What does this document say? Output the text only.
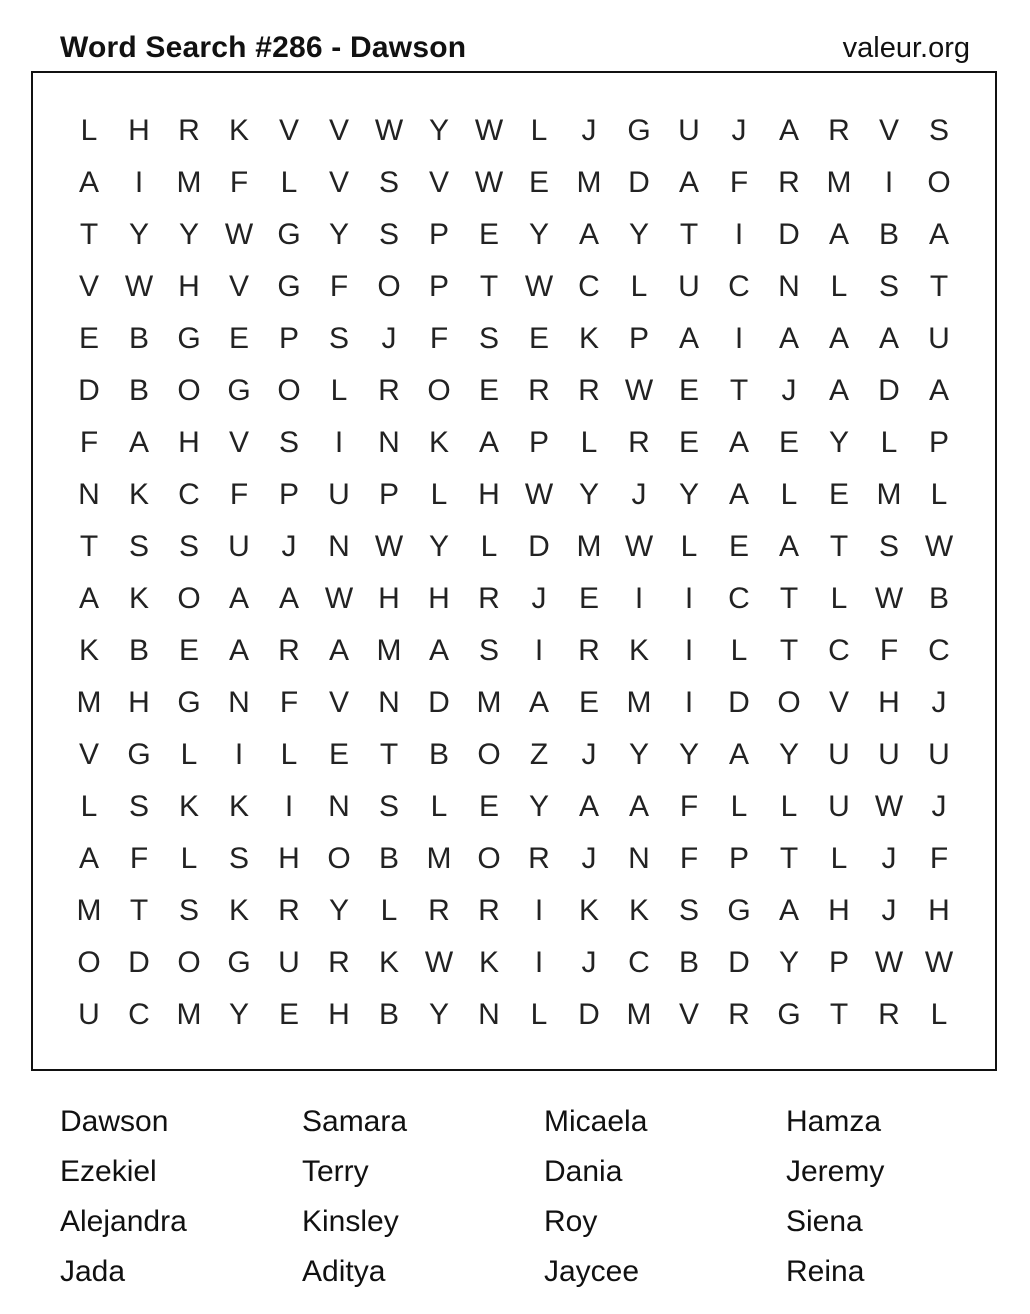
Word Search #286 - Dawson	valeur.org
L	H R K V V W Y W L	J	G U	J	A R V S
A	I	M F	L	V S V W E M D A	F	R M	I	O
T	Y Y W G Y S P E Y A Y	T	I	D A B A
V W H V G F O P	T W C	L	U C N	L	S	T
E B G E P S	J	F	S E K P A	I	A A A U
D B O G O L	R O E R R W E	T	J	A D A
F	A H V S	I	N K A P	L	R E A E Y	L	P
N K C	F	P U P	L	H W Y	J	Y A	L	E M L
T	S S U	J	N W Y	L	D M W L	E A	T	S W
A K O A A W H H R	J	E	I	I	C	T	L W B
K B E A R A M A S	I	R K	I	L	T	C	F	C
M H G N	F	V N D M A E M	I	D O V H	J
V G L	I	L	E	T	B O Z	J	Y Y A Y U U U
L	S K K	I	N S	L	E Y A A	F	L	L	U W J
A	F	L	S H O B M O R	J	N	F	P	T	L	J	F
M T	S K R Y	L	R R	I	K K S G A H	J	H
O D O G U R K W K	I	J	C B D Y P W W
U C M Y E H B Y N	L	D M V R G T	R	L
Dawson	Samara	Micaela	Hamza
Ezekiel	Terry	Dania	Jeremy
Alejandra	Kinsley	Roy	Siena
Jada	Aditya	Jaycee	Reina
